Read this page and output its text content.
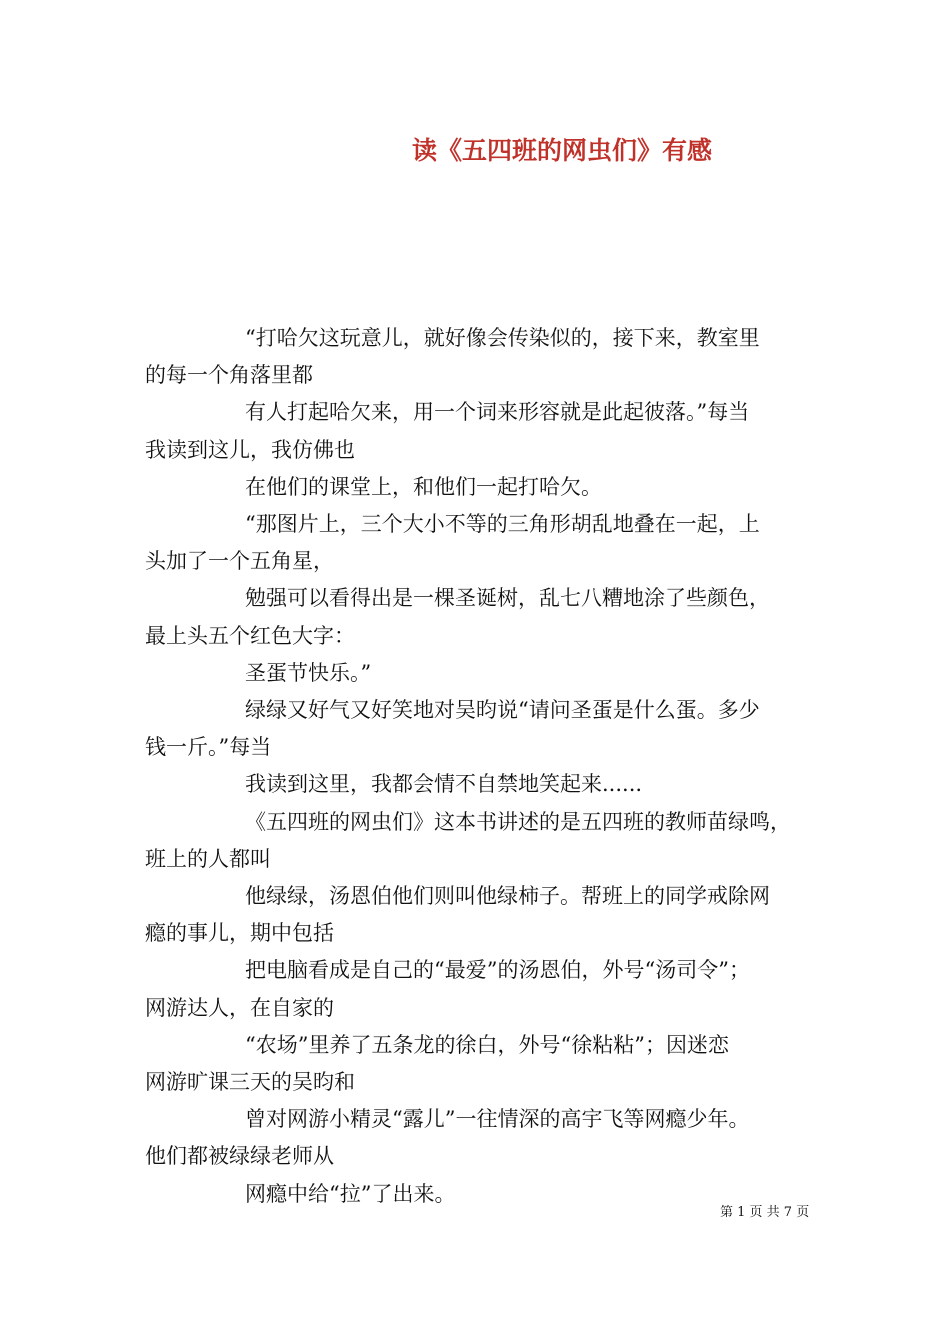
读《五四班的网虫们》有感

“打哈欠这玩意儿，就好像会传染似的，接下来，教室里
的每一个角落里都

有人打起哈欠来，用一个词来形容就是此起彼落。”每当
我读到这儿，我仿佛也

在他们的课堂上，和他们一起打哈欠。

“那图片上，三个大小不等的三角形胡乱地叠在一起，上
头加了一个五角星，

勉强可以看得出是一棵圣诞树，乱七八糟地涂了些颜色，
最上头五个红色大字：

圣蛋节快乐。”

绿绿又好气又好笑地对吴昀说“请问圣蛋是什么蛋。多少
钱一斤。”每当

我读到这里，我都会情不自禁地笑起来......

《五四班的网虫们》这本书讲述的是五四班的教师苗绿鸣，
班上的人都叫

他绿绿，汤恩伯他们则叫他绿柿子。帮班上的同学戒除网
瘾的事儿，期中包括

把电脑看成是自己的“最爱”的汤恩伯，外号“汤司令”；
网游达人，在自家的

“农场”里养了五条龙的徐白，外号“徐粘粘”；因迷恋
网游旷课三天的吴昀和

曾对网游小精灵“露儿”一往情深的高宇飞等网瘾少年。
他们都被绿绿老师从

网瘾中给“拉”了出来。

第 1 页 共 7 页
